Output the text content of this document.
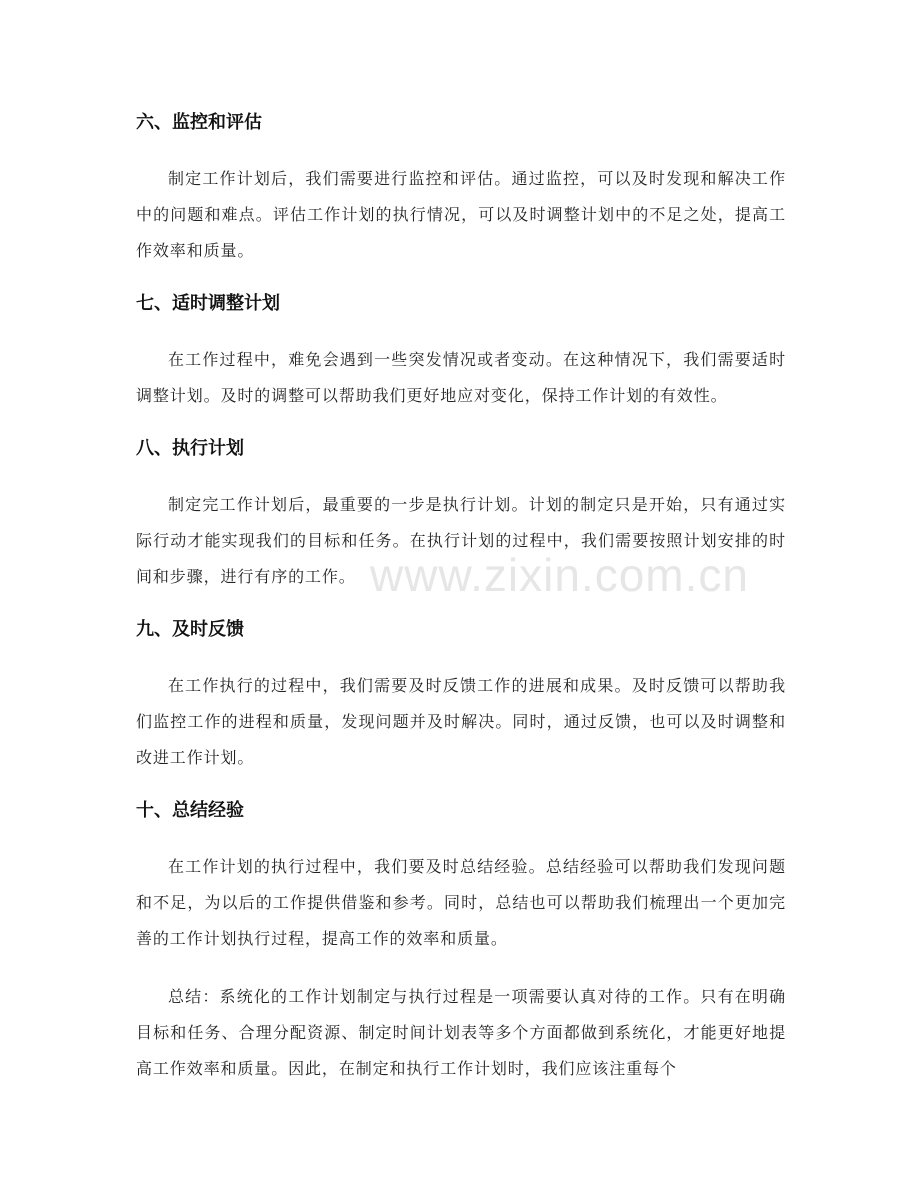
六、监控和评估

制定工作计划后，我们需要进行监控和评估。通过监控，可以及时发现和解决工作中的问题和难点。评估工作计划的执行情况，可以及时调整计划中的不足之处，提高工作效率和质量。

七、适时调整计划

在工作过程中，难免会遇到一些突发情况或者变动。在这种情况下，我们需要适时调整计划。及时的调整可以帮助我们更好地应对变化，保持工作计划的有效性。

八、执行计划

制定完工作计划后，最重要的一步是执行计划。计划的制定只是开始，只有通过实际行动才能实现我们的目标和任务。在执行计划的过程中，我们需要按照计划安排的时间和步骤，进行有序的工作。

九、及时反馈

在工作执行的过程中，我们需要及时反馈工作的进展和成果。及时反馈可以帮助我们监控工作的进程和质量，发现问题并及时解决。同时，通过反馈，也可以及时调整和改进工作计划。

十、总结经验

在工作计划的执行过程中，我们要及时总结经验。总结经验可以帮助我们发现问题和不足，为以后的工作提供借鉴和参考。同时，总结也可以帮助我们梳理出一个更加完善的工作计划执行过程，提高工作的效率和质量。

总结：系统化的工作计划制定与执行过程是一项需要认真对待的工作。只有在明确目标和任务、合理分配资源、制定时间计划表等多个方面都做到系统化，才能更好地提高工作效率和质量。因此，在制定和执行工作计划时，我们应该注重每个

www.zixin.com.cn
